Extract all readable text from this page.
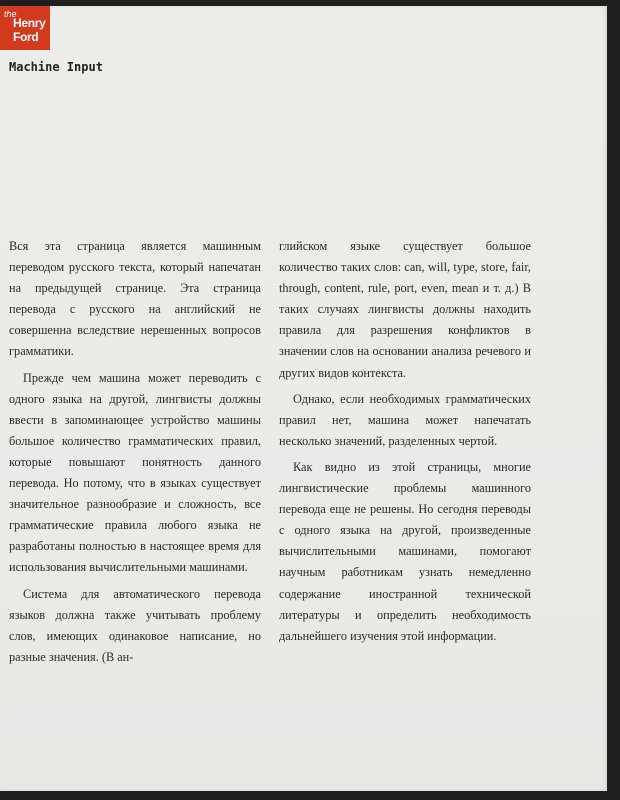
the
Henry
Ford
Machine Input

Вся эта страница является машинным переводом русского текста, который напечатан на предыдущей странице. Эта страница перевода с русского на английский не совершенна вследствие нерешенных вопросов грамматики.

Прежде чем машина может переводить с одного языка на другой, лингвисты должны ввести в запоминающее устройство машины большое количество грамматических правил, которые повышают понятность данного перевода. Но потому, что в языках существует значительное разнообразие и сложность, все грамматические правила любого языка не разработаны полностью в настоящее время для использования вычислительными машинами.

Система для автоматического перевода языков должна также учитывать проблему слов, имеющих одинаковое написание, но разные значения. (В ан-

глийском языке существует большое количество таких слов: can, will, type, store, fair, through, content, rule, port, even, mean и т. д.) В таких случаях лингвисты должны находить правила для разрешения конфликтов в значении слов на основании анализа речевого и других видов контекста.

Однако, если необходимых грамматических правил нет, машина может напечатать несколько значений, разделенных чертой.

Как видно из этой страницы, многие лингвистические проблемы машинного перевода еще не решены. Но сегодня переводы с одного языка на другой, произведенные вычислительными машинами, помогают научным работникам узнать немедленно содержание иностранной технической литературы и определить необходимость дальнейшего изучения этой информации.
